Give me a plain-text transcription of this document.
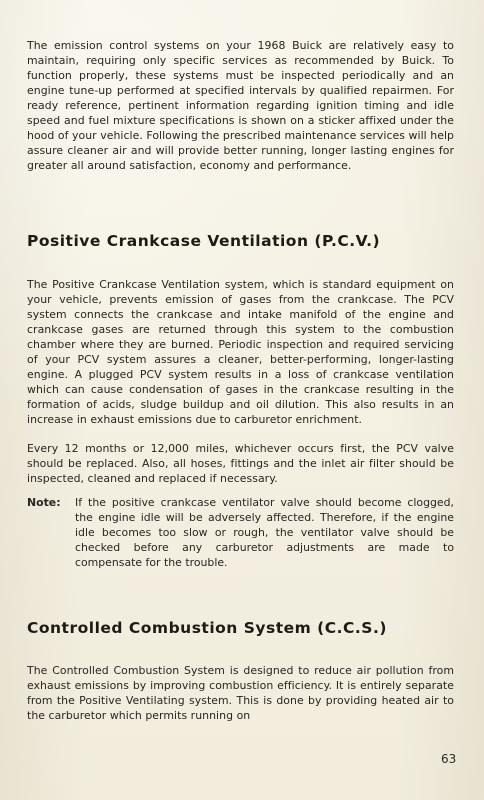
The emission control systems on your 1968 Buick are relatively easy to maintain, requiring only specific services as recommended by Buick. To function properly, these systems must be inspected periodically and an engine tune-up performed at specified intervals by qualified repairmen. For ready reference, pertinent information regarding ignition timing and idle speed and fuel mixture specifications is shown on a sticker affixed under the hood of your vehicle. Following the prescribed maintenance services will help assure cleaner air and will provide better running, longer lasting engines for greater all around satisfaction, economy and performance.
Positive Crankcase Ventilation (P.C.V.)
The Positive Crankcase Ventilation system, which is standard equipment on your vehicle, prevents emission of gases from the crankcase. The PCV system connects the crankcase and intake manifold of the engine and crankcase gases are returned through this system to the combustion chamber where they are burned. Periodic inspection and required servicing of your PCV system assures a cleaner, better-performing, longer-lasting engine. A plugged PCV system results in a loss of crankcase ventilation which can cause condensation of gases in the crankcase resulting in the formation of acids, sludge buildup and oil dilution. This also results in an increase in exhaust emissions due to carburetor enrichment.
Every 12 months or 12,000 miles, whichever occurs first, the PCV valve should be replaced. Also, all hoses, fittings and the inlet air filter should be inspected, cleaned and replaced if necessary.
Note: If the positive crankcase ventilator valve should become clogged, the engine idle will be adversely affected. Therefore, if the engine idle becomes too slow or rough, the ventilator valve should be checked before any carburetor adjustments are made to compensate for the trouble.
Controlled Combustion System (C.C.S.)
The Controlled Combustion System is designed to reduce air pollution from exhaust emissions by improving combustion efficiency. It is entirely separate from the Positive Ventilating system. This is done by providing heated air to the carburetor which permits running on
63
